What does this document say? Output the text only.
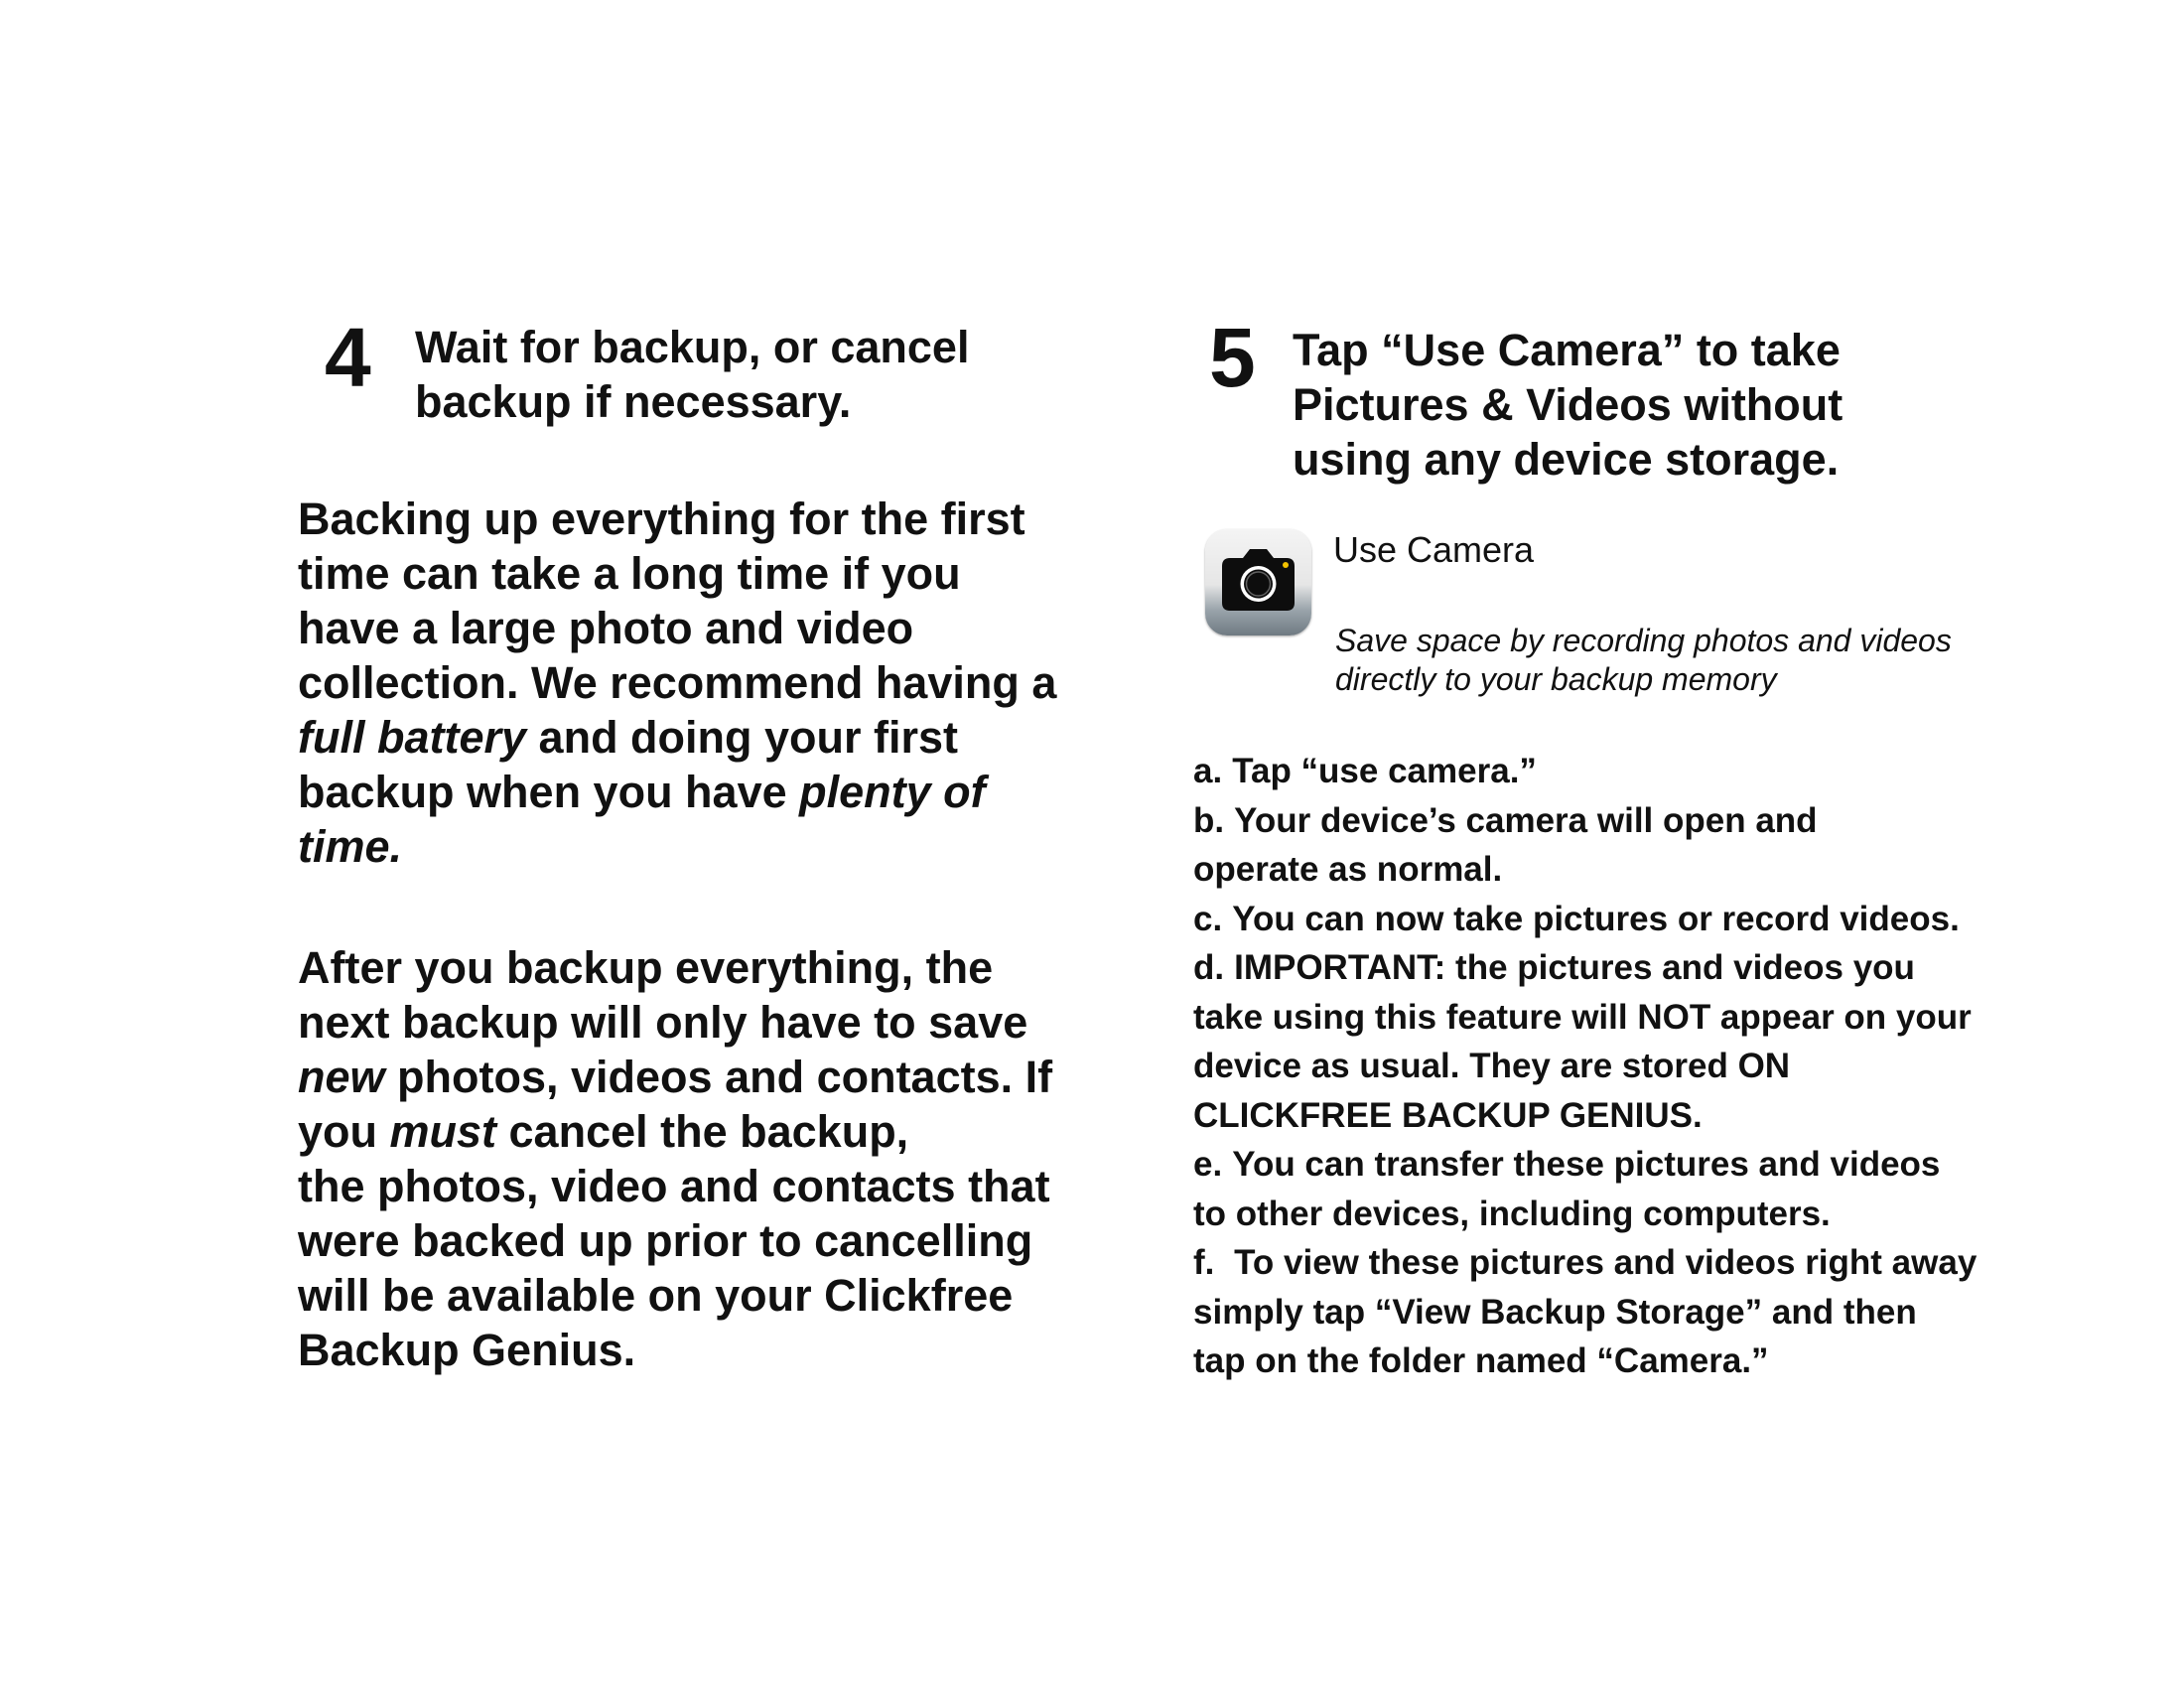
4 Wait for backup, or cancel
backup if necessary.

Backing up everything for the first
time can take a long time if you
have a large photo and video
collection. We recommend having a
full battery and doing your first
backup when you have plenty of
time.

After you backup everything, the
next backup will only have to save
new photos, videos and contacts. If
you must cancel the backup,
the photos, video and contacts that
were backed up prior to cancelling
will be available on your Clickfree
Backup Genius.

5 Tap “Use Camera” to take
Pictures & Videos without
using any device storage.
Use Camera
Save space by recording photos and videos
directly to your backup memory
a. Tap “use camera.”
b. Your device’s camera will open and
operate as normal.
c. You can now take pictures or record videos.
d. IMPORTANT: the pictures and videos you
take using this feature will NOT appear on your
device as usual. They are stored ON
CLICKFREE BACKUP GENIUS.
e. You can transfer these pictures and videos
to other devices, including computers.
f. To view these pictures and videos right away
simply tap “View Backup Storage” and then
tap on the folder named “Camera.”
